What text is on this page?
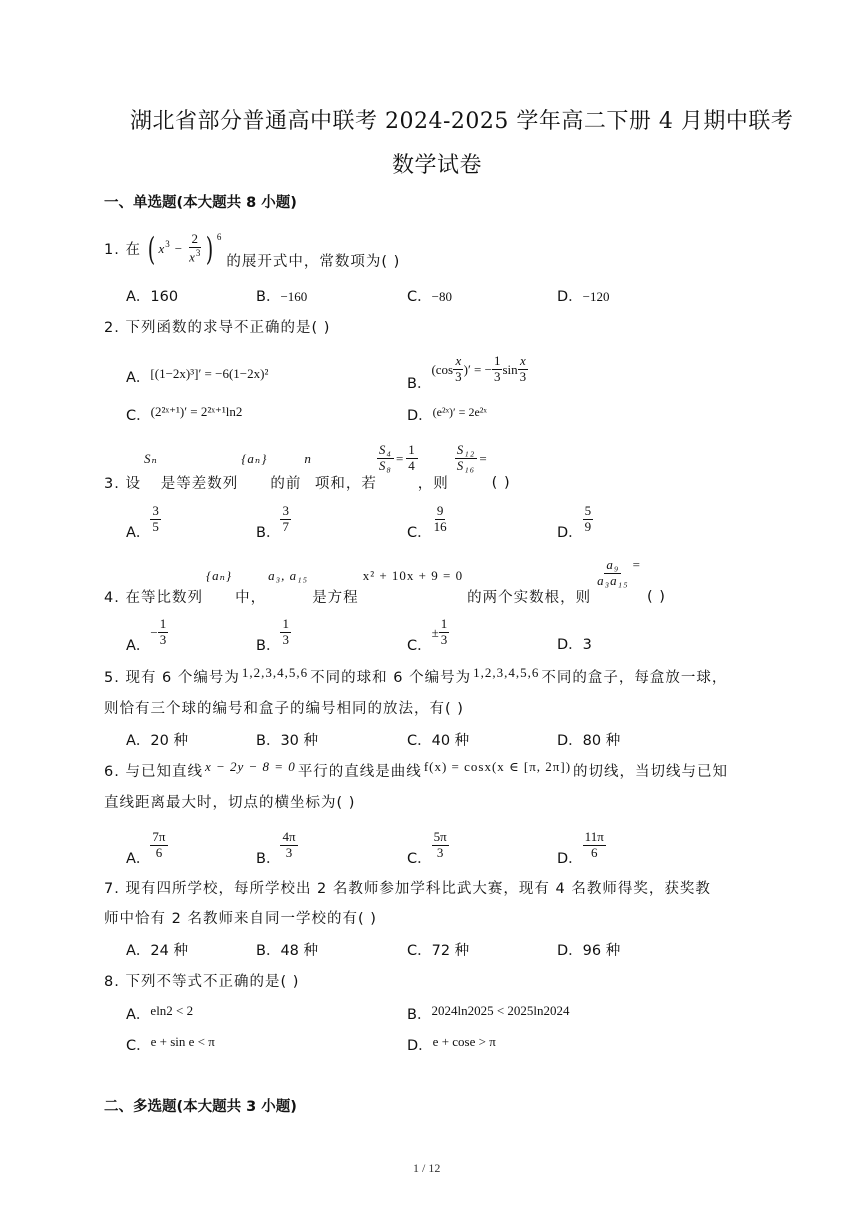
湖北省部分普通高中联考 2024-2025 学年高二下册 4 月期中联考
数学试卷
一、单选题(本大题共 8 小题)
1. 在 ( $x^3 - \frac{2}{x^3}$ ) $^6$
的展开式中，常数项为( )
A．160	B．−160	C．−80	D．−120
2. 下列函数的求导不正确的是( )
A．[(1−2x)³]′ = −6(1−2x)²
B．
($\cos \frac{x}{3}$ )′ = − $\frac{1}{3}$ $\sin \frac{x}{3}$
C．(2²ˣ⁺¹)′ = 2²ˣ⁺¹ln2	D．$^{(e^2ˣ)' = 2e^2ˣ}$
3. 设
Sₙ
是等差数列
{aₙ}
的前
n
项和，若
$\frac{\text{S₄}}{\text{S₈}} = \frac{1}{4}$
，则
$\frac{\text{S₁₂}}{\text{S₁₆}}$ =
( )
A． $\frac{3}{5}$	B． $\frac{3}{7}$	C． $\frac{9}{16}$	D． $\frac{5}{9}$
4. 在等比数列
{aₙ}
中，
a₃, a₁₅
是方程
x² + 10x + 9 = 0
的两个实数根，则
$\frac{\text{a₉}}{\text{a₃a₁₅}}$ =
( )
A．
− $\frac{1}{3}$	B． $\frac{1}{3}$	C．
± $\frac{1}{3}$	D．3
5. 现有 6 个编号为 1,2,3,4,5,6 不同的球和 6 个编号为 1,2,3,4,5,6 不同的盒子，每盒放一球，
则恰有三个球的编号和盒子的编号相同的放法，有( )
A．20 种	B．30 种	C．40 种	D．80 种
6. 与已知直线 x − 2y − 8 = 0 平行的直线是曲线 f(x) = cosx(x ∈ [π, 2π]) 的切线，当切线与已知
直线距离最大时，切点的横坐标为( )
A． $\frac{7\pi}{6}$	B． $\frac{4\pi}{3}$	C． $\frac{5\pi}{3}$	D． $\frac{11\pi}{6}$
7. 现有四所学校，每所学校出 2 名教师参加学科比武大赛，现有 4 名教师得奖，获奖教
师中恰有 2 名教师来自同一学校的有( )
A．24 种	B．48 种	C．72 种	D．96 种
8. 下列不等式不正确的是( )
A．eln2 < 2	B．2024ln2025 < 2025ln2024
C．e + sin e < π	D．e + cose > π
二、多选题(本大题共 3 小题)
1 / 12
